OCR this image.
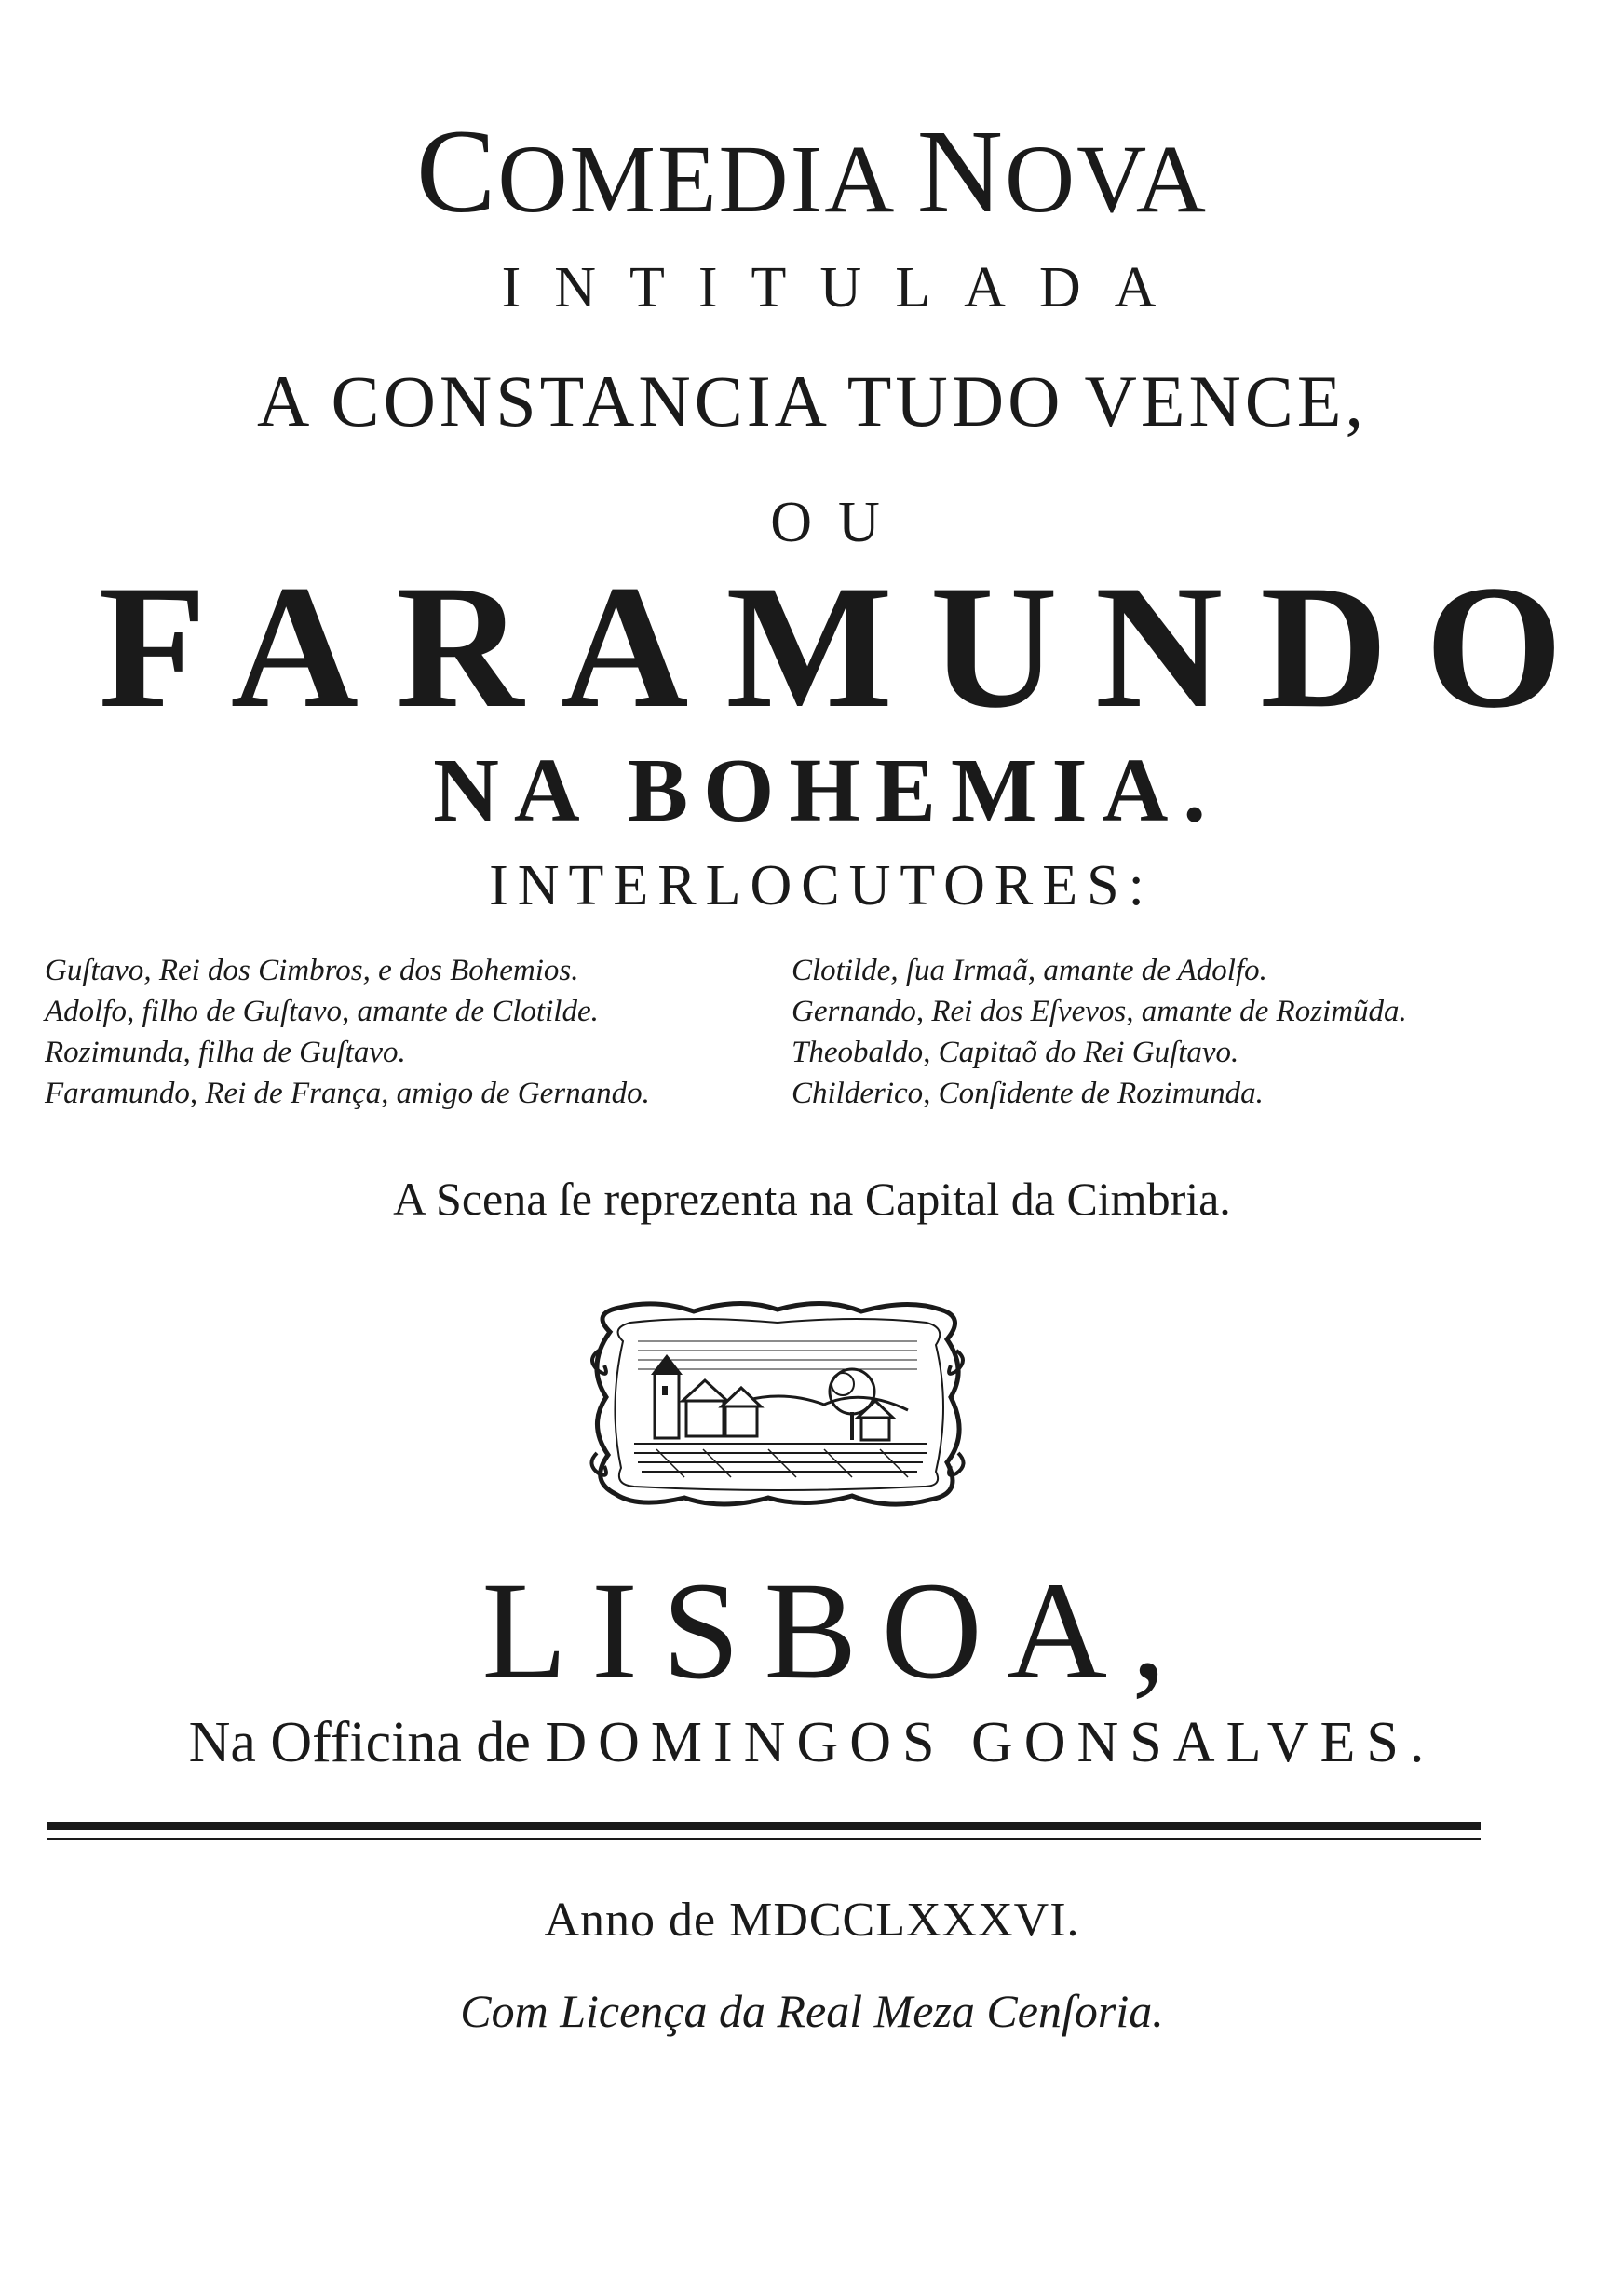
COMEDIA NOVA
INTITULADA
A CONSTANCIA TUDO VENCE,
OU
FARAMUNDO
NA BOHEMIA.
INTERLOCUTORES:
Guſtavo, Rei dos Cimbros, e dos Bohemios.
Adolfo, filho de Guſtavo, amante de Clotilde.
Rozimunda, filha de Guſtavo.
Faramundo, Rei de França, amigo de Gernando.
Clotilde, ſua Irmaã, amante de Adolfo.
Gernando, Rei dos Eſvevos, amante de Rozimũda.
Theobaldo, Capitaõ do Rei Guſtavo.
Childerico, Conſidente de Rozimunda.
A Scena ſe reprezenta na Capital da Cimbria.
LISBOA,
Na Officina de DOMINGOS GONSALVES.
Anno de MDCCLXXXVI.
Com Licença da Real Meza Cenſoria.
